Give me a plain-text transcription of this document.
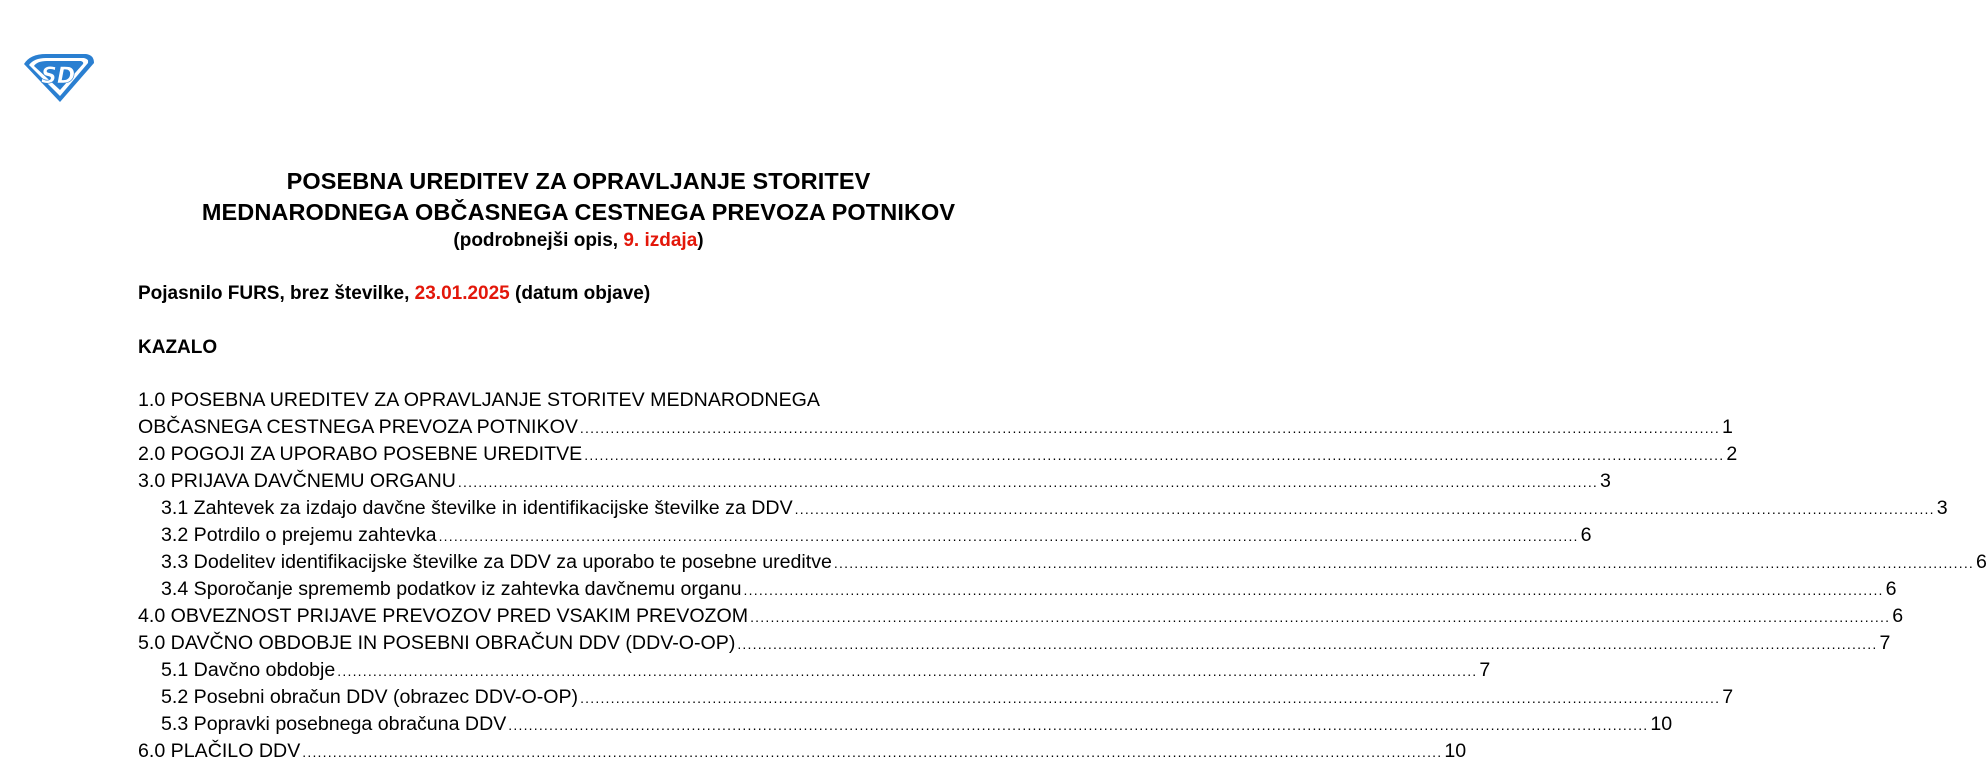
SD
POSEBNA UREDITEV ZA OPRAVLJANJE STORITEV
MEDNARODNEGA OBČASNEGA CESTNEGA PREVOZA POTNIKOV
(podrobnejši opis, 9. izdaja)
Pojasnilo FURS, brez številke, 23.01.2025 (datum objave)
KAZALO
1.0 POSEBNA UREDITEV ZA OPRAVLJANJE STORITEV MEDNARODNEGA
OBČASNEGA CESTNEGA PREVOZA POTNIKOV ................................................................................................................................................................................................................................ 1
2.0 POGOJI ZA UPORABO POSEBNE UREDITVE ................................................................................................................................................................................................................................ 2
3.0 PRIJAVA DAVČNEMU ORGANU ................................................................................................................................................................................................................................ 3
3.1 Zahtevek za izdajo davčne številke in identifikacijske številke za DDV ................................................................................................................................................................................................................................ 3
3.2 Potrdilo o prejemu zahtevka ................................................................................................................................................................................................................................ 6
3.3 Dodelitev identifikacijske številke za DDV za uporabo te posebne ureditve ................................................................................................................................................................................................................................ 6
3.4 Sporočanje sprememb podatkov iz zahtevka davčnemu organu ................................................................................................................................................................................................................................ 6
4.0 OBVEZNOST PRIJAVE PREVOZOV PRED VSAKIM PREVOZOM ................................................................................................................................................................................................................................ 6
5.0 DAVČNO OBDOBJE IN POSEBNI OBRAČUN DDV (DDV-O-OP) ................................................................................................................................................................................................................................ 7
5.1 Davčno obdobje ................................................................................................................................................................................................................................ 7
5.2 Posebni obračun DDV (obrazec DDV-O-OP) ................................................................................................................................................................................................................................ 7
5.3 Popravki posebnega obračuna DDV ................................................................................................................................................................................................................................ 10
6.0 PLAČILO DDV ................................................................................................................................................................................................................................ 10
